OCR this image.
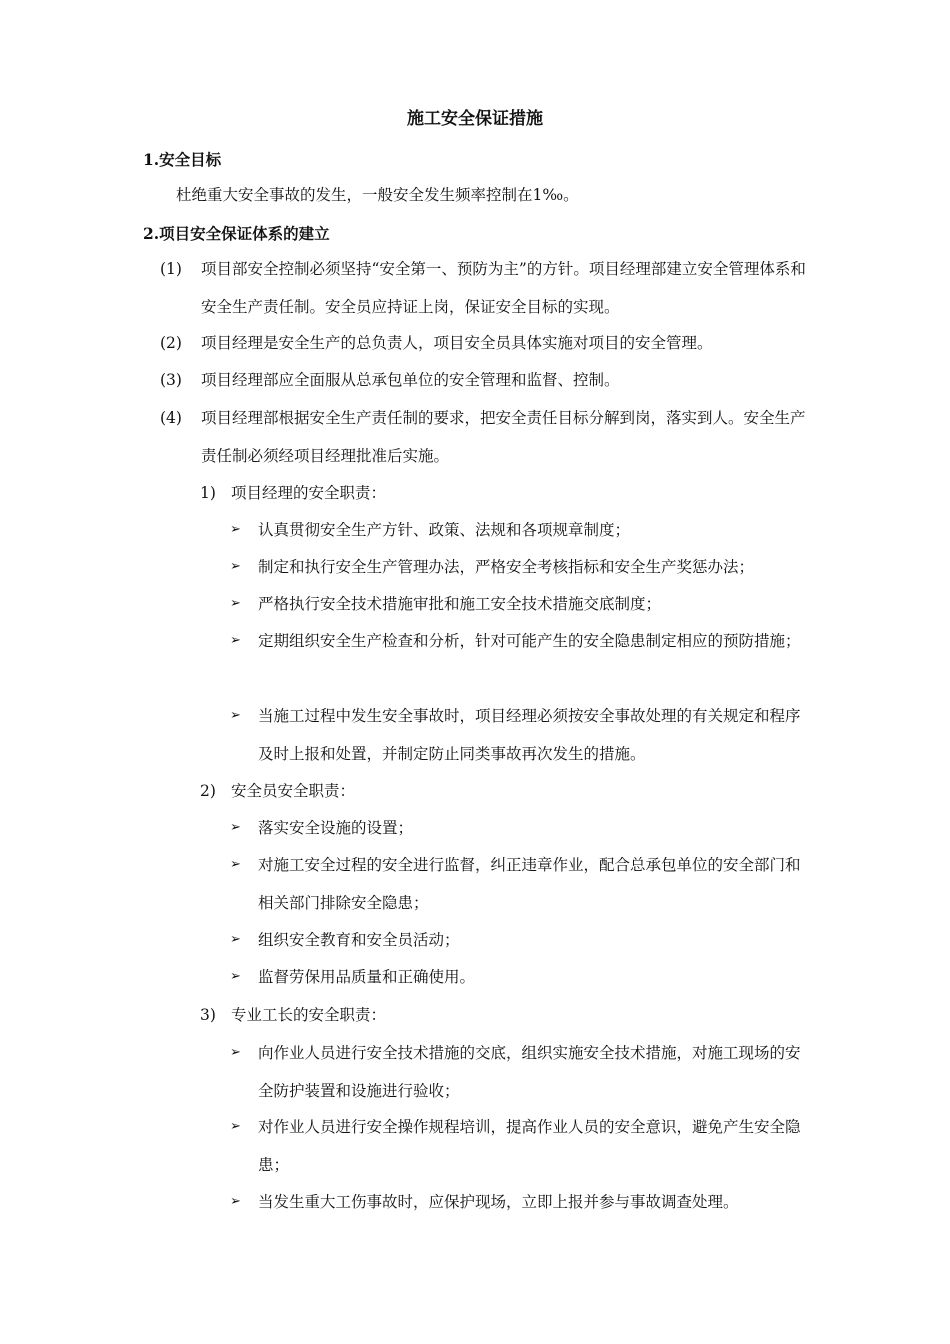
施工安全保证措施
1.安全目标
杜绝重大安全事故的发生，一般安全发生频率控制在1‰。
2.项目安全保证体系的建立
(1) 项目部安全控制必须坚持“安全第一、预防为主”的方针。项目经理部建立安全管理体系和安全生产责任制。安全员应持证上岗，保证安全目标的实现。
(2) 项目经理是安全生产的总负责人，项目安全员具体实施对项目的安全管理。
(3) 项目经理部应全面服从总承包单位的安全管理和监督、控制。
(4) 项目经理部根据安全生产责任制的要求，把安全责任目标分解到岗，落实到人。安全生产责任制必须经项目经理批准后实施。
1) 项目经理的安全职责：
➢ 认真贯彻安全生产方针、政策、法规和各项规章制度；
➢ 制定和执行安全生产管理办法，严格安全考核指标和安全生产奖惩办法；
➢ 严格执行安全技术措施审批和施工安全技术措施交底制度；
➢ 定期组织安全生产检查和分析，针对可能产生的安全隐患制定相应的预防措施；
➢ 当施工过程中发生安全事故时，项目经理必须按安全事故处理的有关规定和程序及时上报和处置，并制定防止同类事故再次发生的措施。
2) 安全员安全职责：
➢ 落实安全设施的设置；
➢ 对施工安全过程的安全进行监督，纠正违章作业，配合总承包单位的安全部门和相关部门排除安全隐患；
➢ 组织安全教育和安全员活动；
➢ 监督劳保用品质量和正确使用。
3) 专业工长的安全职责：
➢ 向作业人员进行安全技术措施的交底，组织实施安全技术措施，对施工现场的安全防护装置和设施进行验收；
➢ 对作业人员进行安全操作规程培训，提高作业人员的安全意识，避免产生安全隐患；
➢ 当发生重大工伤事故时，应保护现场，立即上报并参与事故调查处理。
